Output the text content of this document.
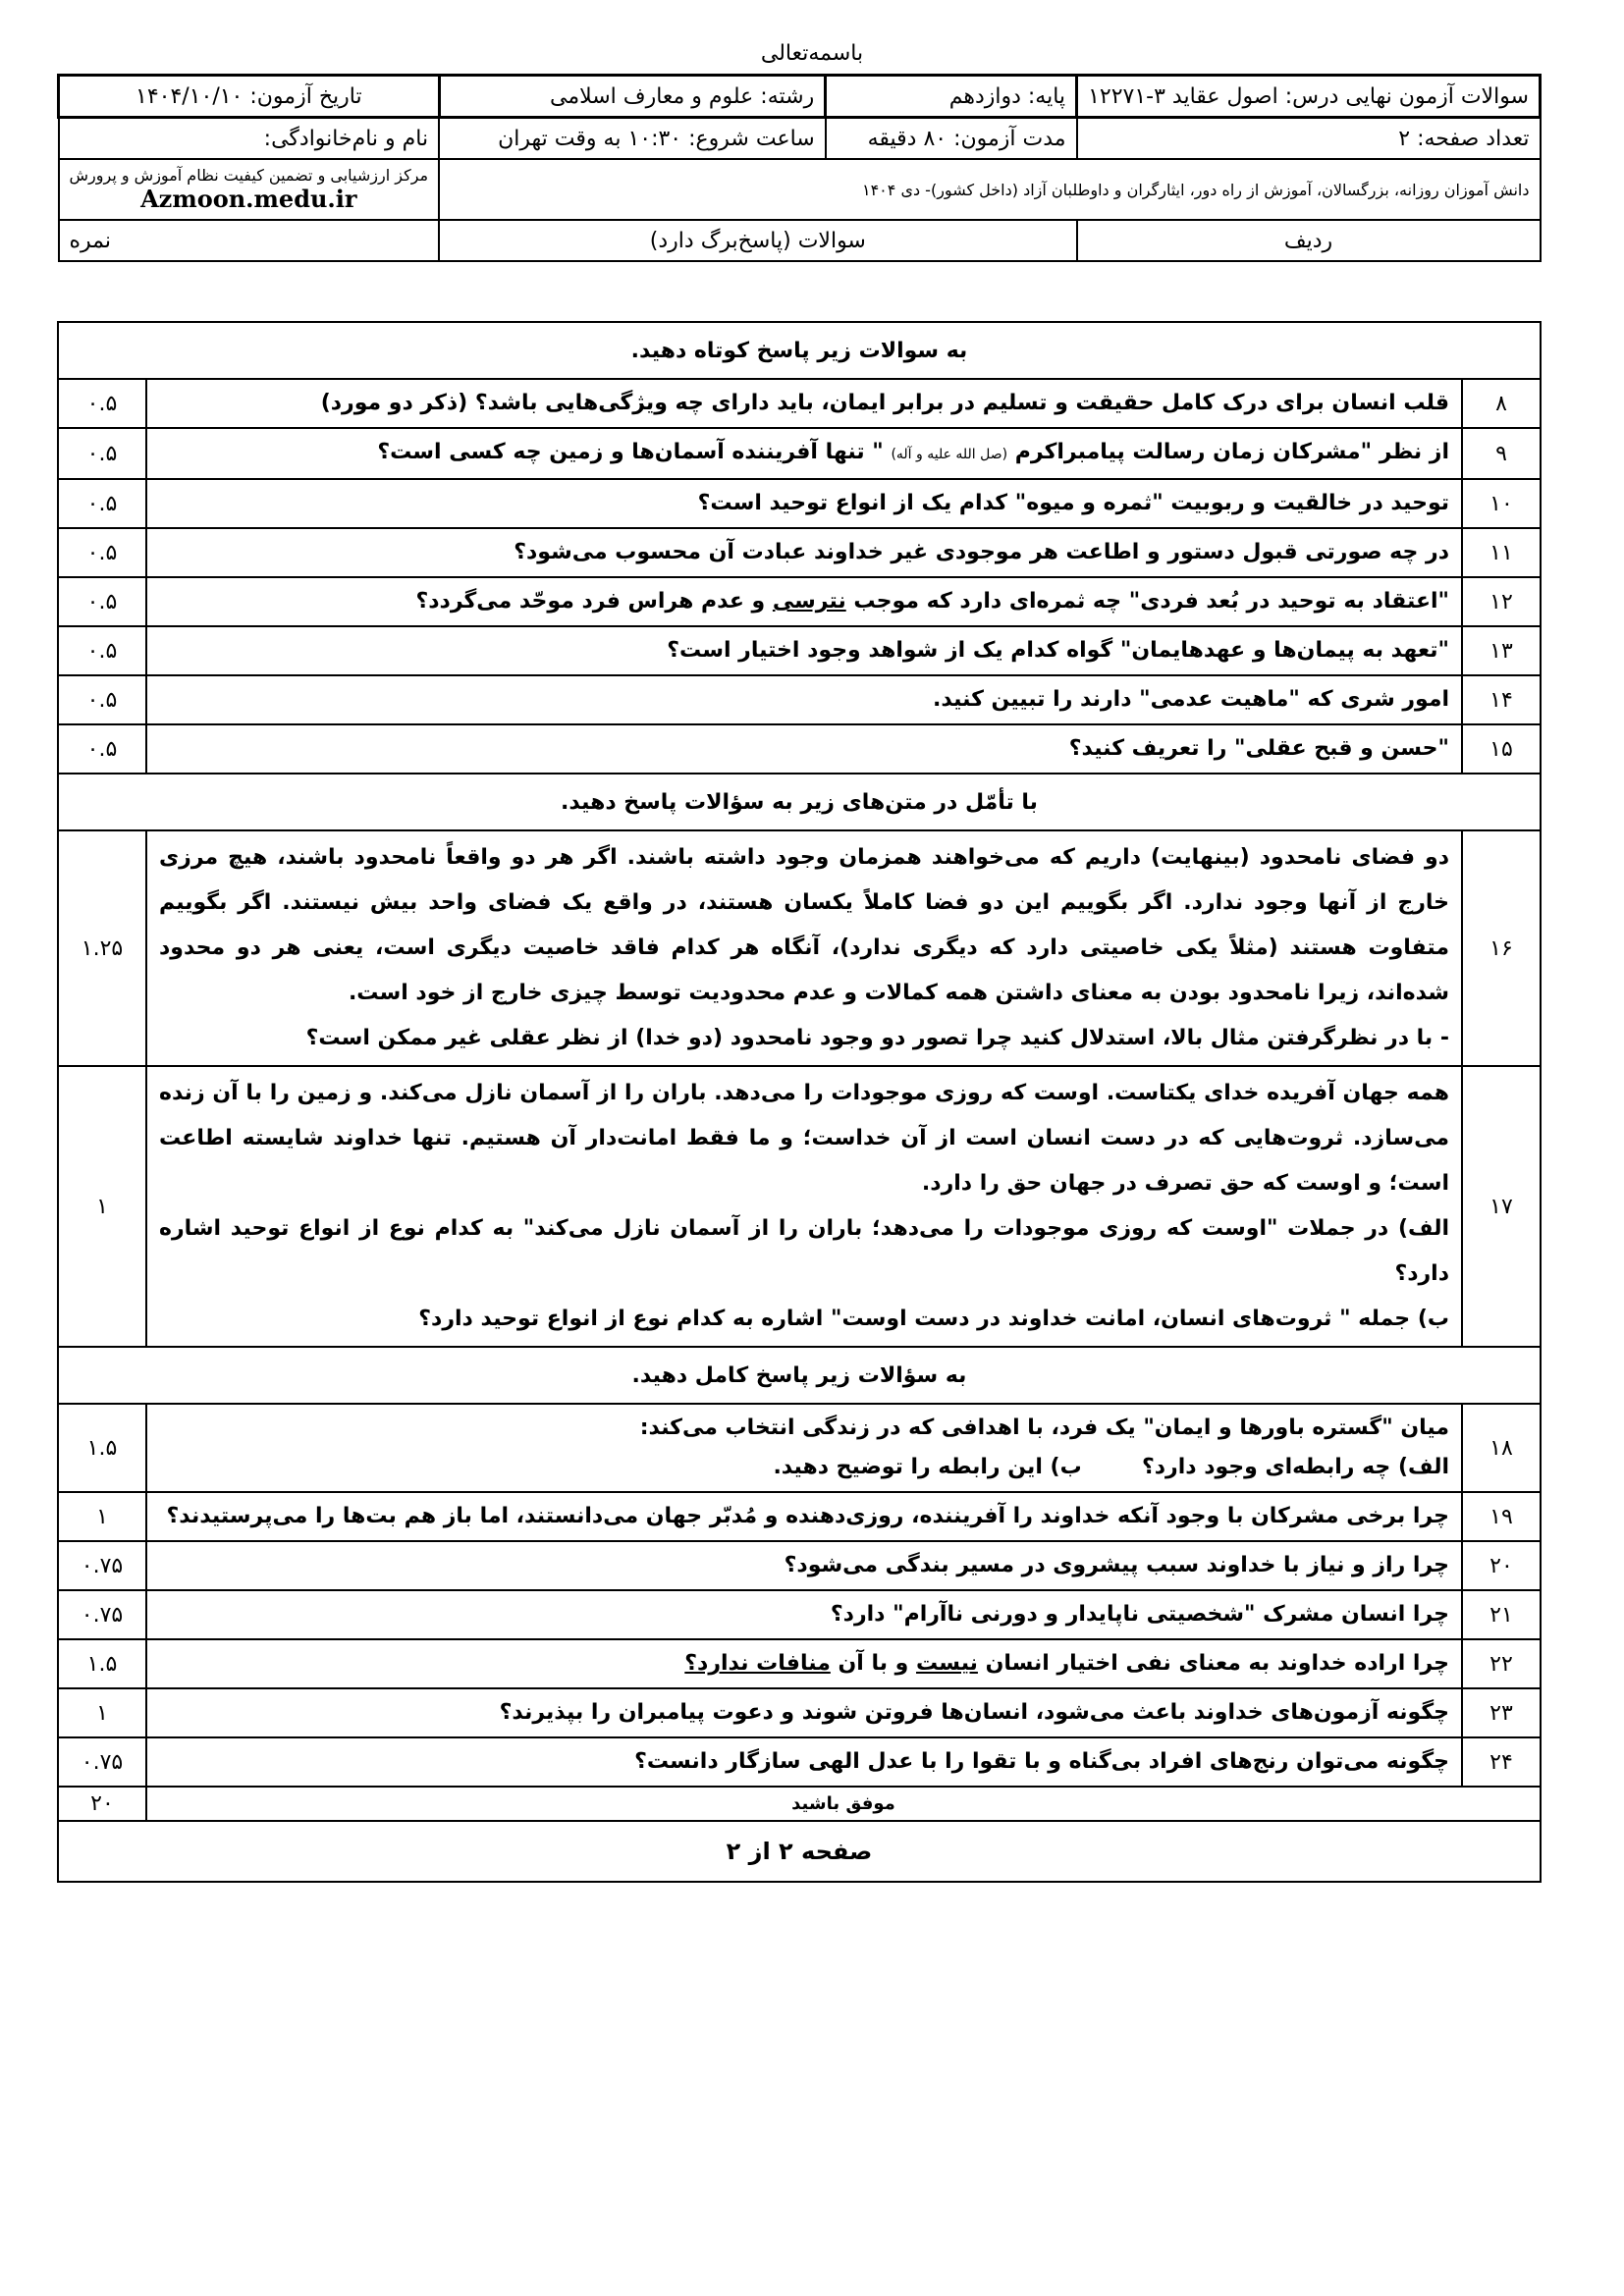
باسمه‌تعالی
سوالات آزمون نهایی درس: اصول عقاید ۳-۱۲۲۷۱	پایه: دوازدهم	رشته: علوم و معارف اسلامی	تاریخ آزمون: ۱۴۰۴/۱۰/۱۰
تعداد صفحه: ۲	مدت آزمون: ۸۰ دقیقه	ساعت شروع: ۱۰:۳۰ به وقت تهران	نام و نام‌خانوادگی:
دانش آموزان روزانه، بزرگسالان، آموزش از راه دور، ایثارگران و داوطلبان آزاد (داخل کشور)- دی ۱۴۰۴			مرکز ارزشیابی و تضمین کیفیت نظام آموزش و پرورش
Azmoon.medu.ir

ردیف	سوالات (پاسخ‌برگ دارد)		نمره
به سوالات زیر پاسخ کوتاه دهید.		
۸	قلب انسان برای درک کامل حقیقت و تسلیم در برابر ایمان، باید دارای چه ویژگی‌هایی باشد؟ (ذکر دو مورد)	۰.۵
۹	از نظر "مشرکان زمان رسالت پیامبراکرم (صل الله علیه و آله) " تنها آفریننده آسمان‌ها و زمین چه کسی است؟	۰.۵
۱۰	توحید در خالقیت و ربوبیت "ثمره و میوه" کدام یک از انواع توحید است؟	۰.۵
۱۱	در چه صورتی قبول دستور و اطاعت هر موجودی غیر خداوند عبادت آن محسوب می‌شود؟	۰.۵
۱۲	"اعتقاد به توحید در بُعد فردی" چه ثمره‌ای دارد که موجب نترسی و عدم هراس فرد موحّد می‌گردد؟	۰.۵
۱۳	"تعهد به پیمان‌ها و عهدهایمان" گواه کدام یک از شواهد وجود اختیار است؟	۰.۵
۱۴	امور شری که "ماهیت عدمی" دارند را تبیین کنید.	۰.۵
۱۵	"حسن و قبح عقلی" را تعریف کنید؟	۰.۵
با تأمّل در متن‌های زیر به سؤالات پاسخ دهید.		
۱۶	دو فضای نامحدود (بینهایت) داریم که می‌خواهند همزمان وجود داشته باشند. اگر هر دو واقعاً نامحدود باشند، هیچ مرزی خارج از آنها وجود ندارد. اگر بگوییم این دو فضا کاملاً یکسان هستند، در واقع یک فضای واحد بیش نیستند. اگر بگوییم متفاوت هستند (مثلاً یکی خاصیتی دارد که دیگری ندارد)، آنگاه هر کدام فاقد خاصیت دیگری است، یعنی هر دو محدود شده‌اند، زیرا نامحدود بودن به معنای داشتن همه کمالات و عدم محدودیت توسط چیزی خارج از خود است.
- با در نظرگرفتن مثال بالا، استدلال کنید چرا تصور دو وجود نامحدود (دو خدا) از نظر عقلی غیر ممکن است؟	۱.۲۵
۱۷	همه جهان آفریده خدای یکتاست. اوست که روزی موجودات را می‌دهد. باران را از آسمان نازل می‌کند. و زمین را با آن زنده می‌سازد. ثروت‌هایی که در دست انسان است از آن خداست؛ و ما فقط امانت‌دار آن هستیم. تنها خداوند شایسته اطاعت است؛ و اوست که حق تصرف در جهان حق را دارد.
الف) در جملات "اوست که روزی موجودات را می‌دهد؛ باران را از آسمان نازل می‌کند" به کدام نوع از انواع توحید اشاره دارد؟
ب) جمله " ثروت‌های انسان، امانت خداوند در دست اوست" اشاره به کدام نوع از انواع توحید دارد؟	۱
به سؤالات زیر پاسخ کامل دهید.		
۱۸	میان "گستره باورها و ایمان" یک فرد، با اهدافی که در زندگی انتخاب می‌کند:
الف) چه رابطه‌ای وجود دارد؟        ب) این رابطه را توضیح دهید.	۱.۵
۱۹	چرا برخی مشرکان با وجود آنکه خداوند را آفریننده، روزی‌دهنده و مُدبّر جهان می‌دانستند، اما باز هم بت‌ها را می‌پرستیدند؟	۱
۲۰	چرا راز و نیاز با خداوند سبب پیشروی در مسیر بندگی می‌شود؟	۰.۷۵
۲۱	چرا انسان مشرک "شخصیتی ناپایدار و دورنی ناآرام" دارد؟	۰.۷۵
۲۲	چرا اراده خداوند به معنای نفی اختیار انسان نیست و با آن منافات ندارد؟	۱.۵
۲۳	چگونه آزمون‌های خداوند باعث می‌شود، انسان‌ها فروتن شوند و دعوت پیامبران را بپذیرند؟	۱
۲۴	چگونه می‌توان رنج‌های افراد بی‌گناه و با تقوا را با عدل الهی سازگار دانست؟	۰.۷۵
موفق باشید		۲۰
صفحه ۲ از ۲		
